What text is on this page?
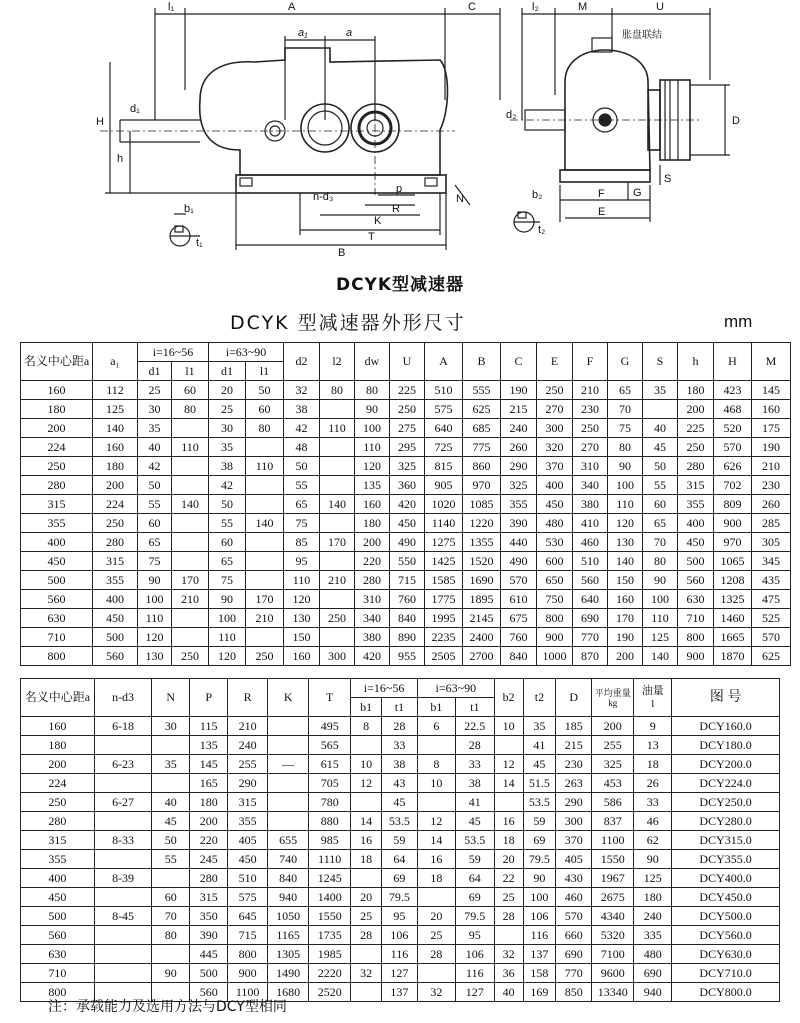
l₁	A	C
a₁	a
H
h
d₁
b₁
t₁
n-d₃
p
R
K
T
B
N
l₂	M	U
胀盘联结
D
d₂
G
S
F
E
b₂
t₂
DCYK型减速器
DCYK 型减速器外形尺寸	mm
名义中心距a	a₁	i=16~56		i=63~90		d2	l2	dw	U	A	B	C	E	F	G	S	h	H	M
		d1	l1	d1	l1														
160	112	25	60	20	50	32	80	80	225	510	555	190	250	210	65	35	180	423	145
180	125	30	80	25	60	38		90	250	575	625	215	270	230	70		200	468	160
200	140	35		30	80	42	110	100	275	640	685	240	300	250	75	40	225	520	175
224	160	40	110	35		48		110	295	725	775	260	320	270	80	45	250	570	190
250	180	42		38	110	50		120	325	815	860	290	370	310	90	50	280	626	210
280	200	50		42		55		135	360	905	970	325	400	340	100	55	315	702	230
315	224	55	140	50		65	140	160	420	1020	1085	355	450	380	110	60	355	809	260
355	250	60		55	140	75		180	450	1140	1220	390	480	410	120	65	400	900	285
400	280	65		60		85	170	200	490	1275	1355	440	530	460	130	70	450	970	305
450	315	75		65		95		220	550	1425	1520	490	600	510	140	80	500	1065	345
500	355	90	170	75		110	210	280	715	1585	1690	570	650	560	150	90	560	1208	435
560	400	100	210	90	170	120		310	760	1775	1895	610	750	640	160	100	630	1325	475
630	450	110		100	210	130	250	340	840	1995	2145	675	800	690	170	110	710	1460	525
710	500	120		110		150		380	890	2235	2400	760	900	770	190	125	800	1665	570
800	560	130	250	120	250	160	300	420	955	2505	2700	840	1000	870	200	140	900	1870	625
名义中心距a	n-d3	N	P	R	K	T	i=16~56		i=63~90		b2	t2	D	平均重量
kg	油量
l	图 号
							b1	t1	b1	t1						
160	6-18	30	115	210		495	8	28	6	22.5	10	35	185	200	9	DCY160.0
180			135	240		565		33		28		41	215	255	13	DCY180.0
200	6-23	35	145	255	—	615	10	38	8	33	12	45	230	325	18	DCY200.0
224			165	290		705	12	43	10	38	14	51.5	263	453	26	DCY224.0
250	6-27	40	180	315		780		45		41		53.5	290	586	33	DCY250.0
280		45	200	355		880	14	53.5	12	45	16	59	300	837	46	DCY280.0
315	8-33	50	220	405	655	985	16	59	14	53.5	18	69	370	1100	62	DCY315.0
355		55	245	450	740	1110	18	64	16	59	20	79.5	405	1550	90	DCY355.0
400	8-39		280	510	840	1245		69	18	64	22	90	430	1967	125	DCY400.0
450		60	315	575	940	1400	20	79.5		69	25	100	460	2675	180	DCY450.0
500	8-45	70	350	645	1050	1550	25	95	20	79.5	28	106	570	4340	240	DCY500.0
560		80	390	715	1165	1735	28	106	25	95		116	660	5320	335	DCY560.0
630			445	800	1305	1985		116	28	106	32	137	690	7100	480	DCY630.0
710		90	500	900	1490	2220	32	127		116	36	158	770	9600	690	DCY710.0
800			560	1100	1680	2520		137	32	127	40	169	850	13340	940	DCY800.0
注：承载能力及选用方法与DCY型相同
